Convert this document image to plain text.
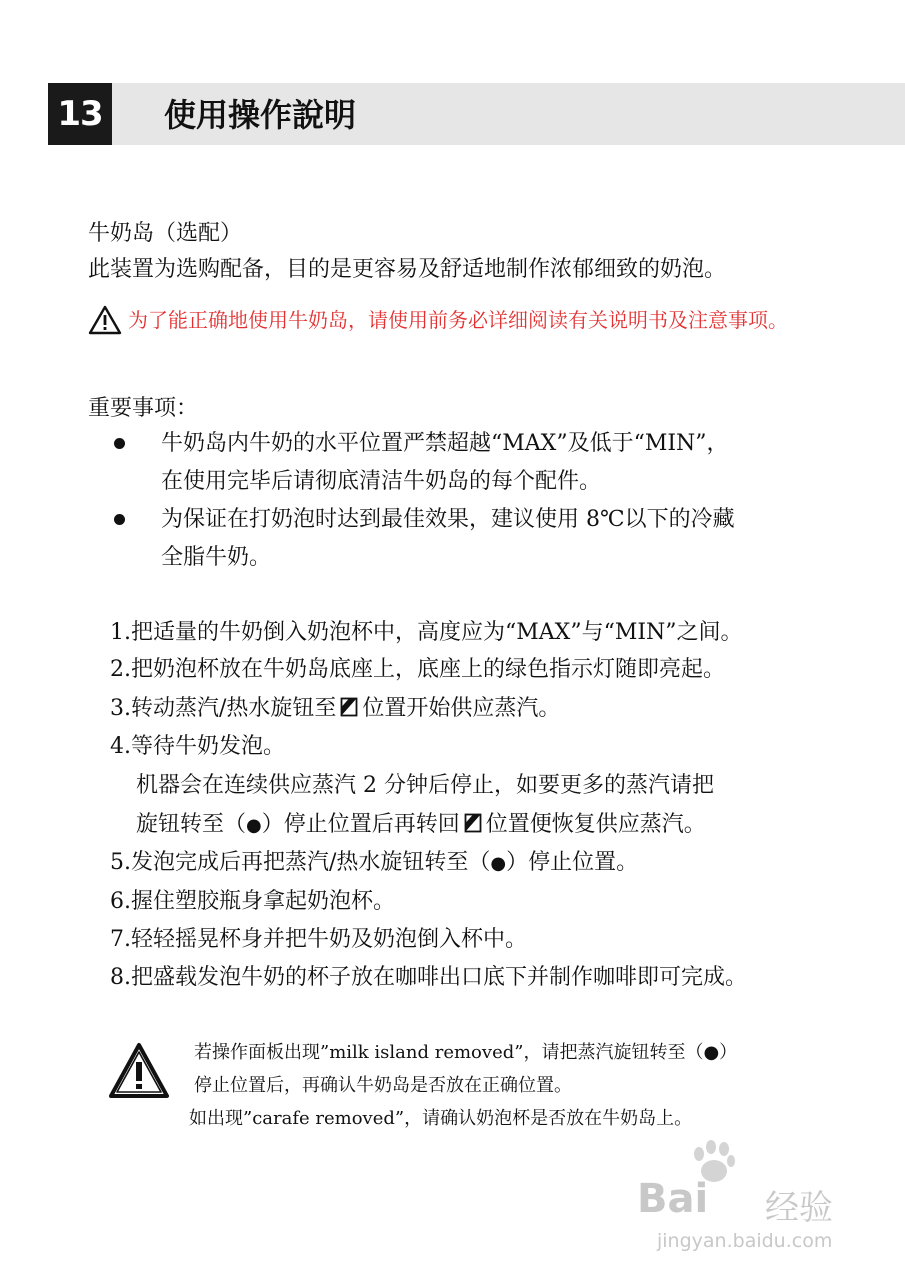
13 使用操作說明
牛奶岛（选配）
此装置为选购配备，目的是更容易及舒适地制作浓郁细致的奶泡。
为了能正确地使用牛奶岛，请使用前务必详细阅读有关说明书及注意事项。
重要事项：
牛奶岛内牛奶的水平位置严禁超越“MAX”及低于“MIN”，
在使用完毕后请彻底清洁牛奶岛的每个配件。
为保证在打奶泡时达到最佳效果，建议使用 8℃以下的冷藏
全脂牛奶。
1.把适量的牛奶倒入奶泡杯中，高度应为“MAX”与“MIN”之间。
2.把奶泡杯放在牛奶岛底座上，底座上的绿色指示灯随即亮起。
3.转动蒸汽/热水旋钮至 位置开始供应蒸汽。
4.等待牛奶发泡。
机器会在连续供应蒸汽 2 分钟后停止，如要更多的蒸汽请把
旋钮转至（●）停止位置后再转回 位置便恢复供应蒸汽。
5.发泡完成后再把蒸汽/热水旋钮转至（●）停止位置。
6.握住塑胶瓶身拿起奶泡杯。
7.轻轻摇晃杯身并把牛奶及奶泡倒入杯中。
8.把盛载发泡牛奶的杯子放在咖啡出口底下并制作咖啡即可完成。
若操作面板出现”milk island removed”，请把蒸汽旋钮转至（●）
停止位置后，再确认牛奶岛是否放在正确位置。
如出现”carafe removed”，请确认奶泡杯是否放在牛奶岛上。
Bai 经验
jingyan.baidu.com
